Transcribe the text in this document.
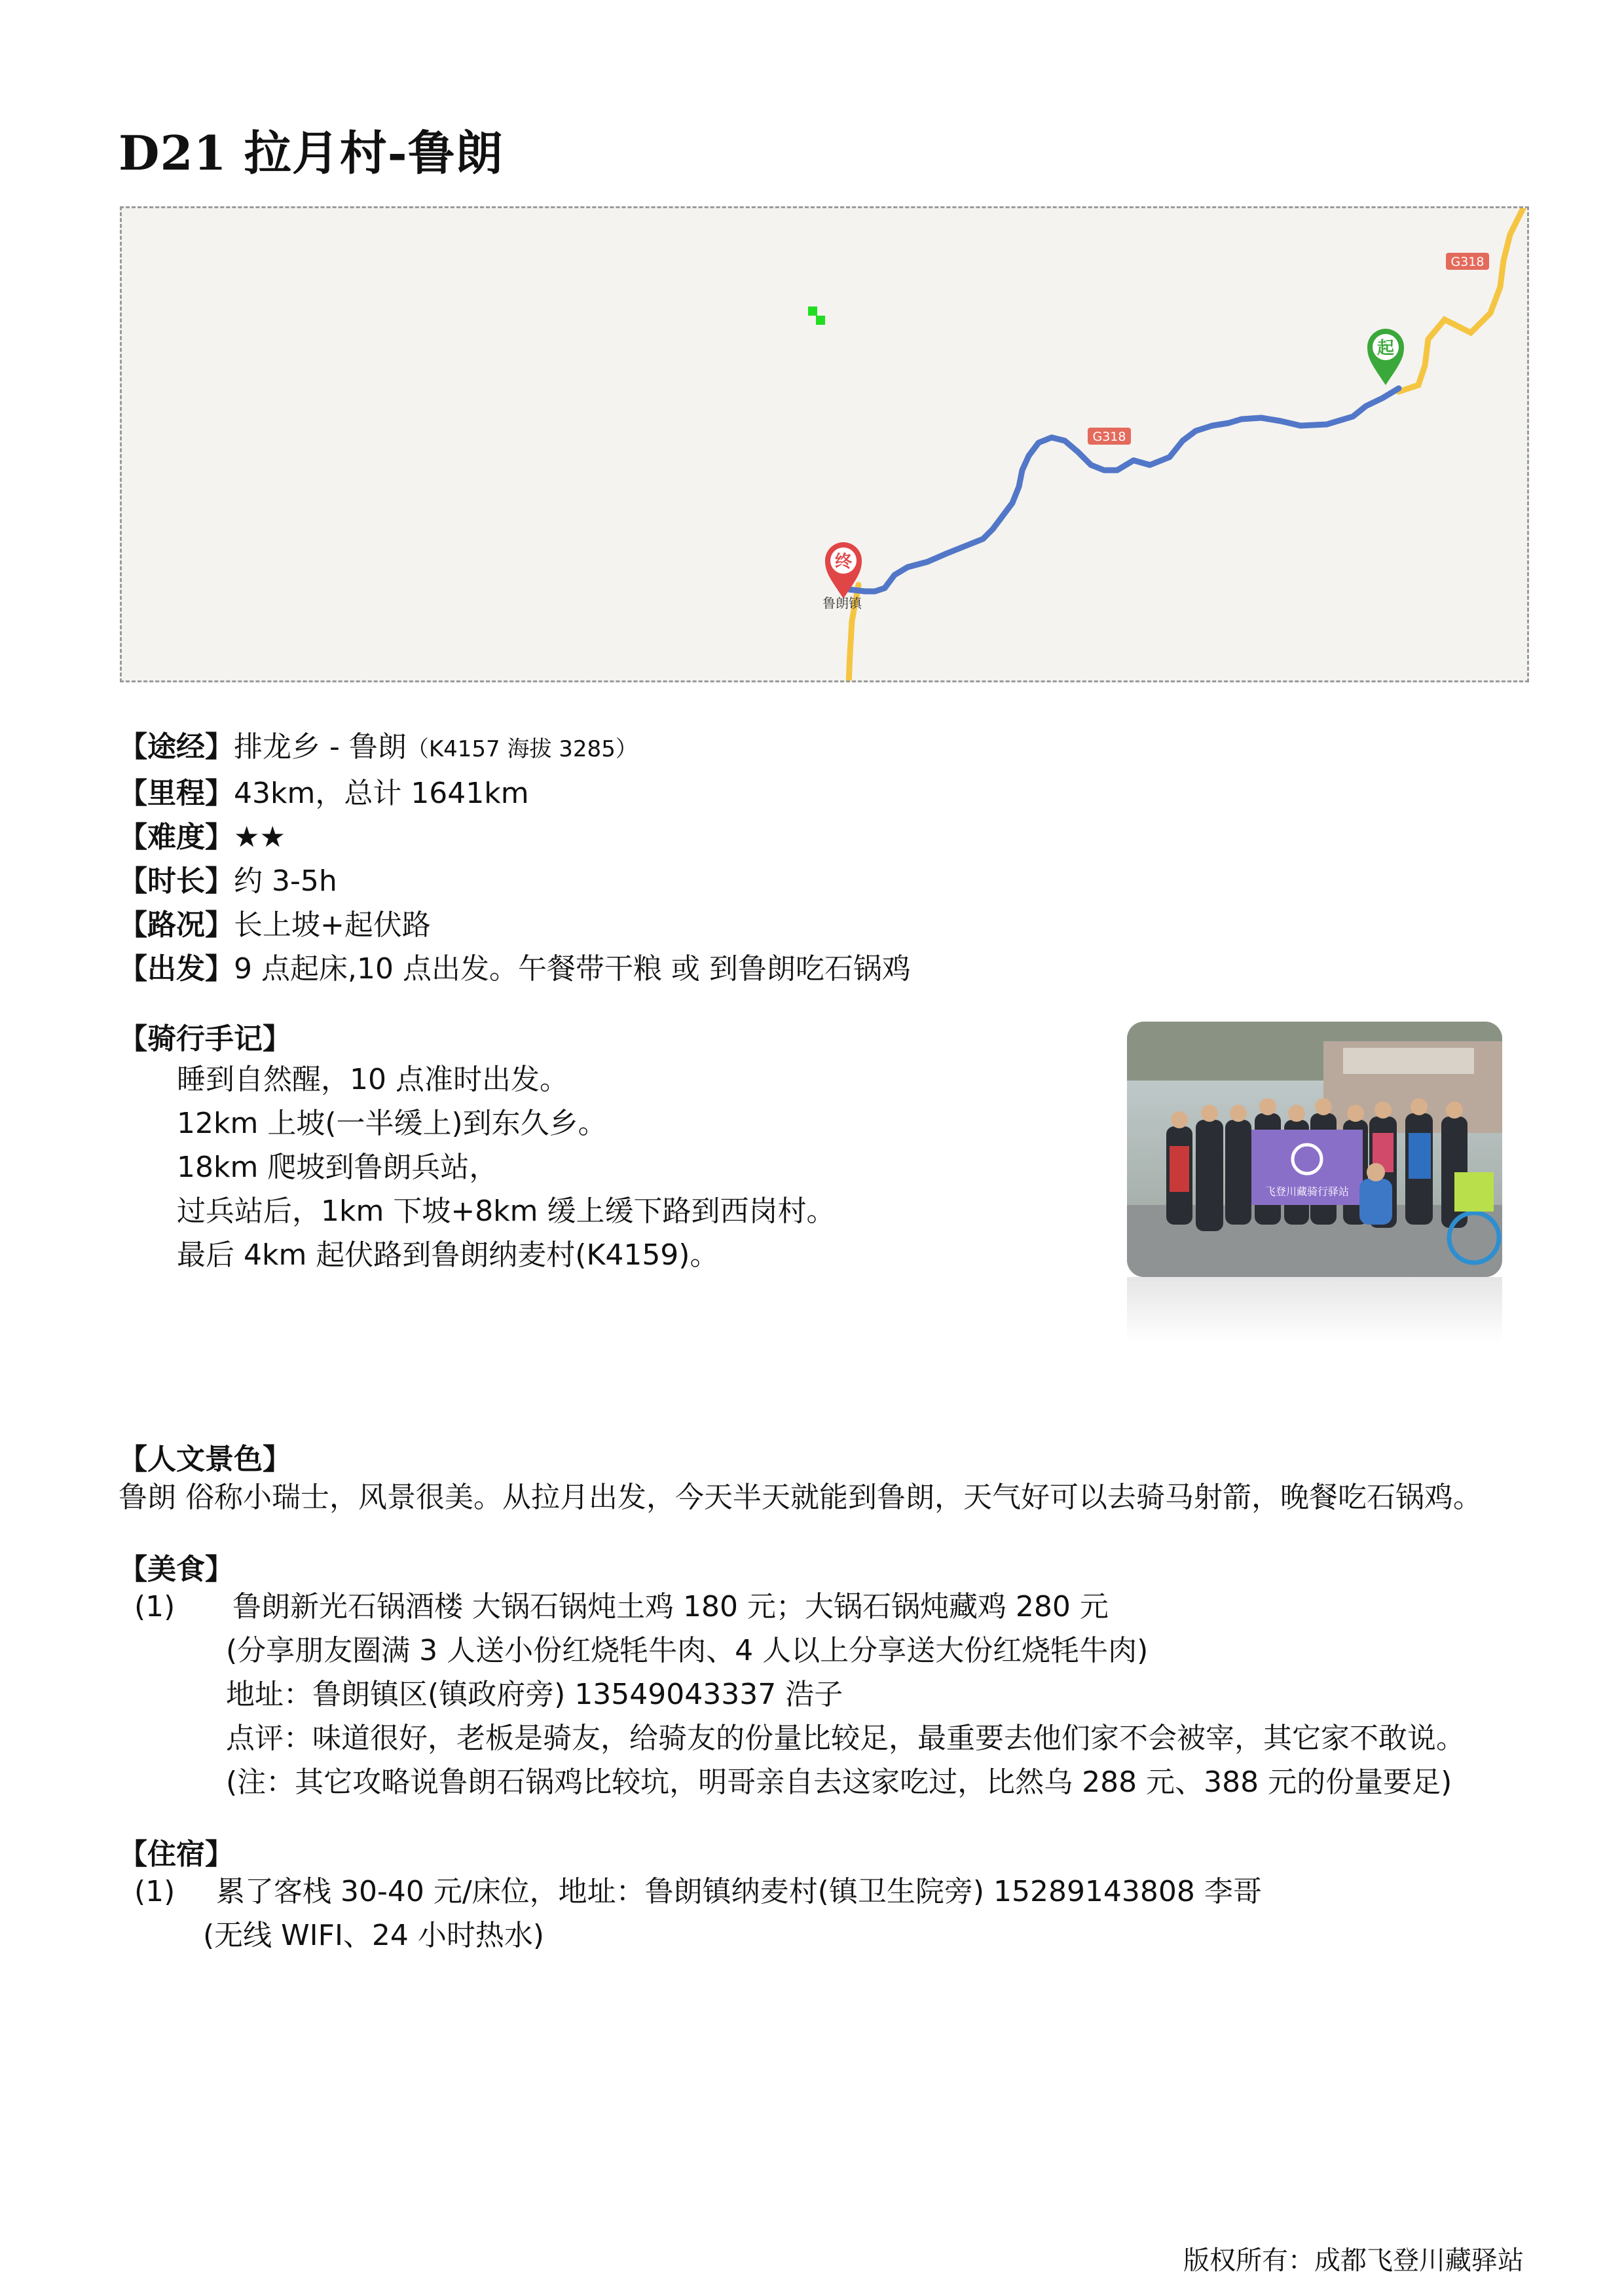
D21 拉月村-鲁朗
G318
G318
起
终
鲁朗镇
【途经】排龙乡 - 鲁朗（K4157 海拔 3285）
【里程】43km，总计 1641km
【难度】★★
【时长】约 3-5h
【路况】长上坡+起伏路
【出发】9 点起床,10 点出发。午餐带干粮 或 到鲁朗吃石锅鸡
【骑行手记】
睡到自然醒，10 点准时出发。
12km 上坡(一半缓上)到东久乡。
18km 爬坡到鲁朗兵站，
过兵站后，1km 下坡+8km 缓上缓下路到西岗村。
最后 4km 起伏路到鲁朗纳麦村(K4159)。
飞登川藏骑行驿站
【人文景色】
鲁朗 俗称小瑞士，风景很美。从拉月出发，今天半天就能到鲁朗，天气好可以去骑马射箭，晚餐吃石锅鸡。
【美食】
(1) 鲁朗新光石锅酒楼 大锅石锅炖土鸡 180 元；大锅石锅炖藏鸡 280 元
(分享朋友圈满 3 人送小份红烧牦牛肉、4 人以上分享送大份红烧牦牛肉)
地址：鲁朗镇区(镇政府旁) 13549043337 浩子
点评：味道很好，老板是骑友，给骑友的份量比较足，最重要去他们家不会被宰，其它家不敢说。
(注：其它攻略说鲁朗石锅鸡比较坑，明哥亲自去这家吃过，比然乌 288 元、388 元的份量要足)
【住宿】
(1) 累了客栈 30-40 元/床位，地址：鲁朗镇纳麦村(镇卫生院旁) 15289143808 李哥
(无线 WIFI、24 小时热水)
版权所有：成都飞登川藏驿站
